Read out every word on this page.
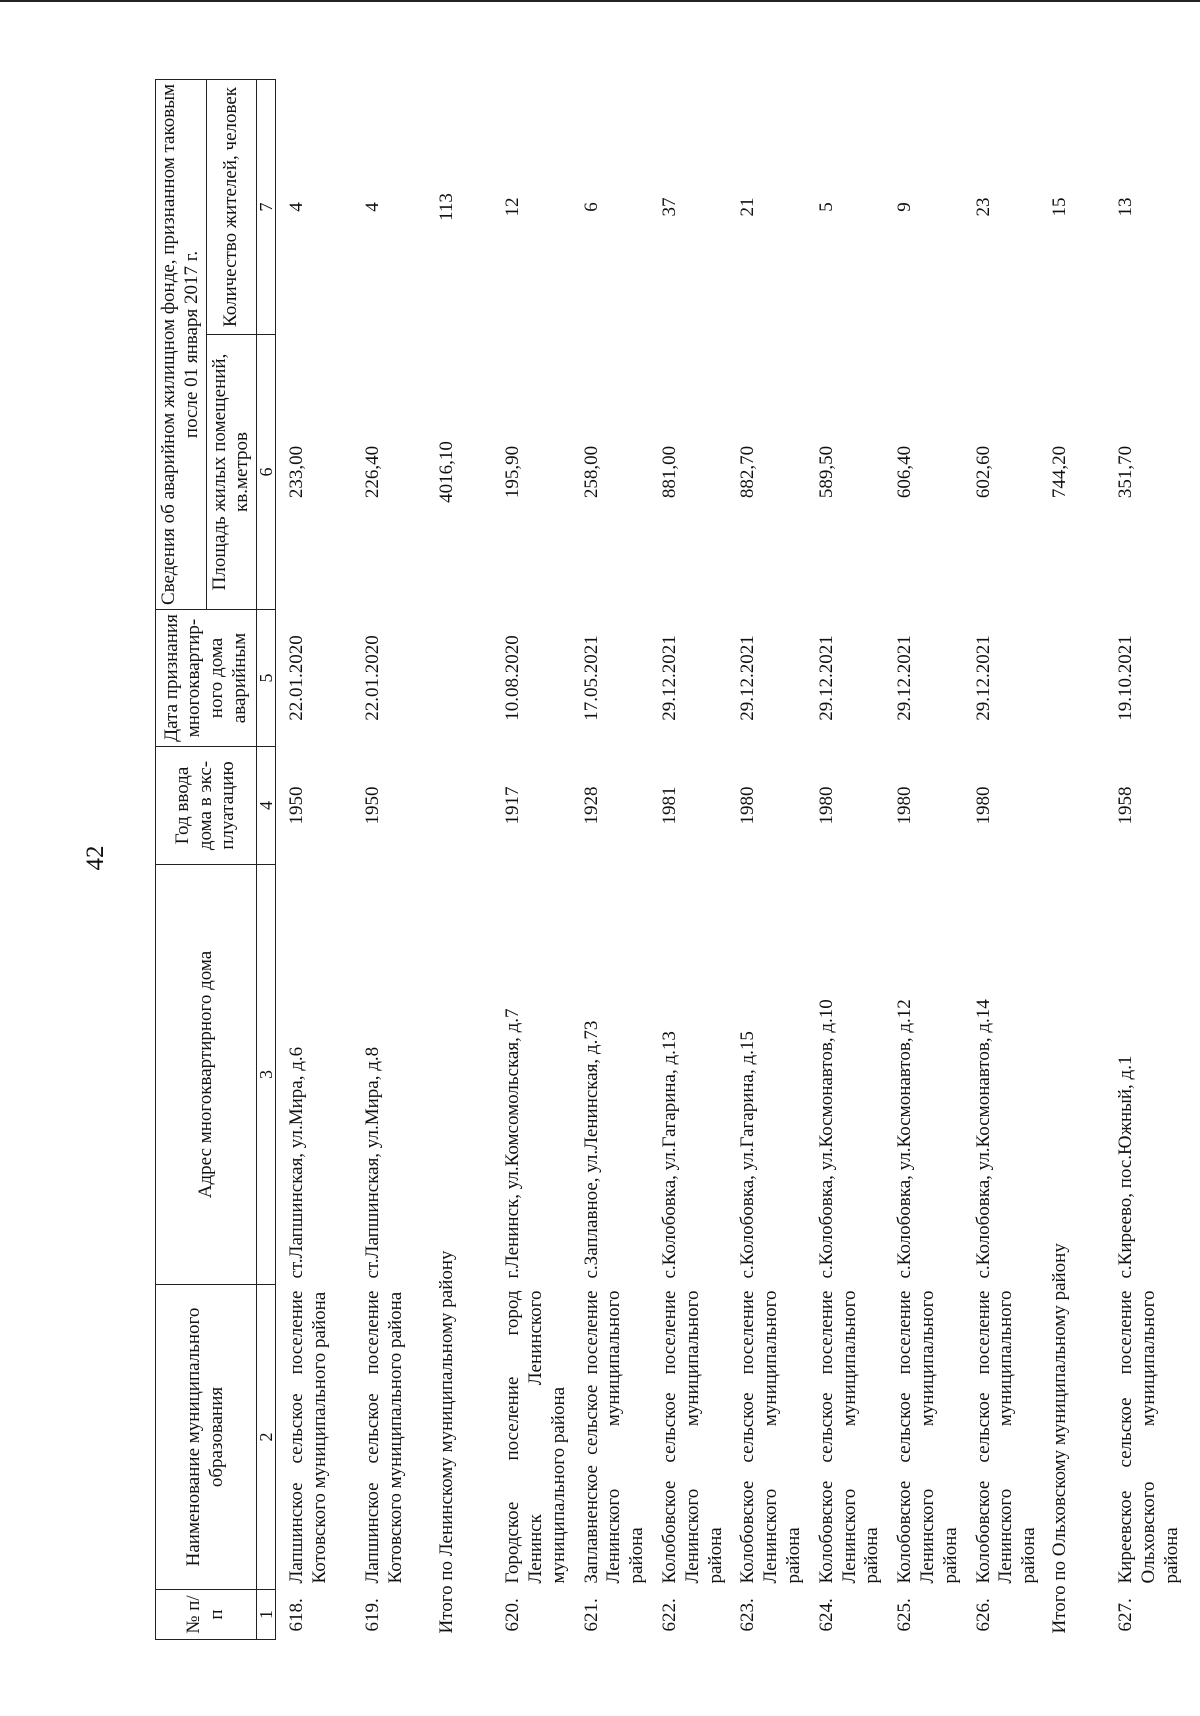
42
№ п/п	Наименование муниципального образования	Адрес многоквартирного дома	Год ввода дома в экс-плуатацию	Дата признания многоквартир-ного дома аварийным	Сведения об аварийном жилищном фонде, признанном таковым после 01 января 2017 г.	
					Площадь жилых помещений, кв.метров	Количество жителей, человек
1	2	3	4	5	6	7
618.	Лапшинское сельское поселение Котовского муниципального района	ст.Лапшинская, ул.Мира, д.6	1950	22.01.2020	233,00	4
619.	Лапшинское сельское поселение Котовского муниципального района	ст.Лапшинская, ул.Мира, д.8	1950	22.01.2020	226,40	4
Итого по Ленинскому муниципальному району					4016,10	113
620.	Городское поселение город Ленинск Ленинского муниципального района	г.Ленинск, ул.Комсомольская, д.7	1917	10.08.2020	195,90	12
621.	Заплавненское сельское поселение Ленинского муниципального района	с.Заплавное, ул.Ленинская, д.73	1928	17.05.2021	258,00	6
622.	Колобовское сельское поселение Ленинского муниципального района	с.Колобовка, ул.Гагарина, д.13	1981	29.12.2021	881,00	37
623.	Колобовское сельское поселение Ленинского муниципального района	с.Колобовка, ул.Гагарина, д.15	1980	29.12.2021	882,70	21
624.	Колобовское сельское поселение Ленинского муниципального района	с.Колобовка, ул.Космонавтов, д.10	1980	29.12.2021	589,50	5
625.	Колобовское сельское поселение Ленинского муниципального района	с.Колобовка, ул.Космонавтов, д.12	1980	29.12.2021	606,40	9
626.	Колобовское сельское поселение Ленинского муниципального района	с.Колобовка, ул.Космонавтов, д.14	1980	29.12.2021	602,60	23
Итого по Ольховскому муниципальному району					744,20	15
627.	Киреевское сельское поселение Ольховского муниципального района	с.Киреево, пос.Южный, д.1	1958	19.10.2021	351,70	13
